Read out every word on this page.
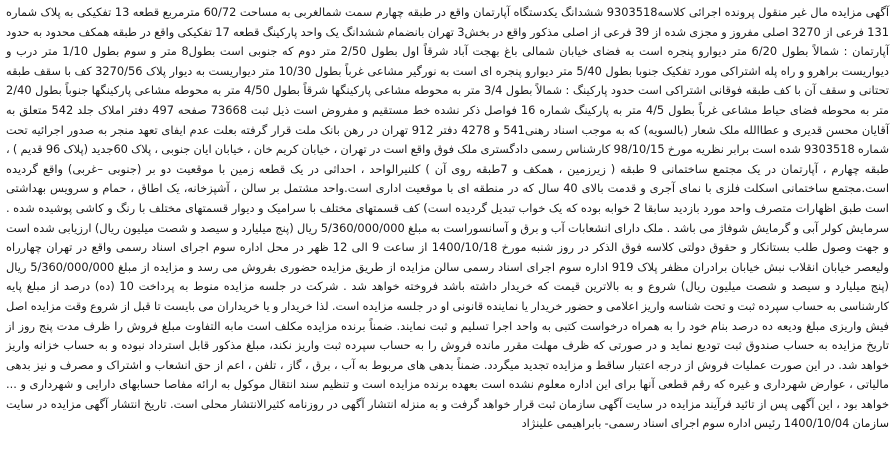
آگهی مزایده مال غیر منقول پرونده اجرائی کلاسه9303518 ششدانگ یکدستگاه آپارتمان واقع در طبقه چهارم سمت شمالغربی به مساحت 60/72 مترمربع قطعه 13 تفکیکی به پلاک شماره 131 فرعی از 3270 اصلی مفروز و مجزی شده از 39 فرعی از اصلی مذکور واقع در بخش3 تهران بانضمام ششدانگ یک واحد پارکینگ قطعه 17 تفکیکی واقع در طبقه همکف محدود به حدود آپارتمان : شمالاً بطول 6/20 متر دیوارو پنجره است به فضای خیابان شمالی باغ بهجت آباد شرقاً اول بطول 2/50 متر دوم که جنوبی است بطول8 متر و سوم بطول 1/10 متر درب و دیواریست براهرو و راه پله اشتراکی مورد تفکیک جنوبا بطول 5/40 متر دیوارو پنجره ای است به نورگیر مشاعی غرباً بطول 10/30 متر دیواریست به دیوار پلاک 3270/56 کف با سقف طبقه تحتانی و سقف آن با کف طبقه فوقانی اشتراکی است حدود پارکینگ : شمالاً بطول 3/4 متر به محوطه مشاعی پارکینگها شرقاً بطول 4/50 متر به محوطه مشاعی پارکینگها جنوباً بطول 2/40 متر به محوطه فضای حیاط مشاعی غرباً بطول 4/5 متر به پارکینگ شماره 16 فواصل ذکر نشده خط مستقیم و مفروض است ذیل ثبت 73668 صفحه 497 دفتر املاک جلد 542 متعلق به آقایان محسن قدیری و عطاالله ملک شعار (بالسویه) که به موجب اسناد رهنی541 و 4278 دفتر 912 تهران در رهن بانک ملت قرار گرفته بعلت عدم ایفای تعهد منجر به صدور اجرائیه تحت شماره 9303518 شده است برابر نظریه مورخ 98/10/15 کارشناس رسمی دادگستری ملک فوق واقع است در تهران ، خیابان کریم خان ، خیابان ایان جنوبی ، پلاک 60جدید (پلاک 96 قدیم ) ، طبقه چهارم ، آپارتمان در یک مجتمع ساختمانی 9 طبقه ( زیرزمین ، همکف و 7طبقه روی آن ) کلنیرالواحد ، احداثی در یک قطعه زمین با موقعیت دو بر (جنوبی –غربی) واقع گردیده است.مجتمع ساختمانی اسکلت فلزی با نمای آجری و قدمت بالای 40 سال که در منطقه ای با موقعیت اداری است.واحد مشتمل بر سالن ، آشپزخانه، یک اطاق ، حمام و سرویس بهداشتی است طبق اظهارات متصرف واحد مورد بازدید سابقا 2 خوابه بوده که یک خواب تبدیل گردیده است) کف قسمتهای مختلف با سرامیک و دیوار قسمتهای مختلف با رنگ و کاشی پوشیده شده . سرمایش کولر آبی و گرمایش شوفاژ می باشد . ملک دارای انشعابات آب و برق و آسانسوراست به مبلغ 5/360/000/000 ریال (پنج میلیارد و سیصد و شصت میلیون ریال) ارزیابی شده است و جهت وصول طلب بستانکار و حقوق دولتی کلاسه فوق الذکر در روز شنبه مورخ 1400/10/18 از ساعت 9 الی 12 ظهر در محل اداره سوم اجرای اسناد رسمی واقع در تهران چهارراه ولیعصر خیابان انقلاب نبش خیابان برادران مظفر پلاک 919 اداره سوم اجرای اسناد رسمی سالن مزایده از طریق مزایده حضوری بفروش می رسد و مزایده از مبلغ 5/360/000/000 ریال (پنج میلیارد و سیصد و شصت میلیون ریال) شروع و به بالاترین قیمت که خریدار داشته باشد فروخته خواهد شد . شرکت در جلسه مزایده منوط به پرداخت 10 (ده) درصد از مبلغ پایه کارشناسی به حساب سپرده ثبت و تحت شناسه واریز اعلامی و حضور خریدار یا نماینده قانونی او در جلسه مزایده است. لذا خریدار و یا خریداران می بایست تا قبل از شروع وقت مزایده اصل فیش واریزی مبلغ ودیعه ده درصد بنام خود را به همراه درخواست کتبی به واحد اجرا تسلیم و ثبت نمایند. ضمناً برنده مزایده مکلف است مابه التفاوت مبلغ فروش را ظرف مدت پنج روز از تاریخ مزایده به حساب صندوق ثبت تودیع نماید و در صورتی که ظرف مهلت مقرر مانده فروش را به حساب سپرده ثبت واریز نکند، مبلغ مذکور قابل استرداد نبوده و به حساب خزانه واریز خواهد شد. در این صورت عملیات فروش از درجه اعتبار ساقط و مزایده تجدید میگردد. ضمناً بدهی های مربوط به آب ، برق ، گاز ، تلفن ، اعم از حق انشعاب و اشتراک و مصرف و نیز بدهی مالیاتی ، عوارض شهرداری و غیره که رقم قطعی آنها برای این اداره معلوم نشده است بعهده برنده مزایده است و تنظیم سند انتقال موکول به ارائه مفاصا حسابهای دارایی و شهرداری و ... خواهد بود ، این آگهی پس از تائید فرآیند مزایده در سایت آگهی سازمان ثبت قرار خواهد گرفت و به منزله انتشار آگهی در روزنامه کثیرالانتشار محلی است. تاریخ انتشار آگهی مزایده در سایت سازمان 1400/10/04 رئیس اداره سوم اجرای اسناد رسمی- بابراهیمی علینژاد
